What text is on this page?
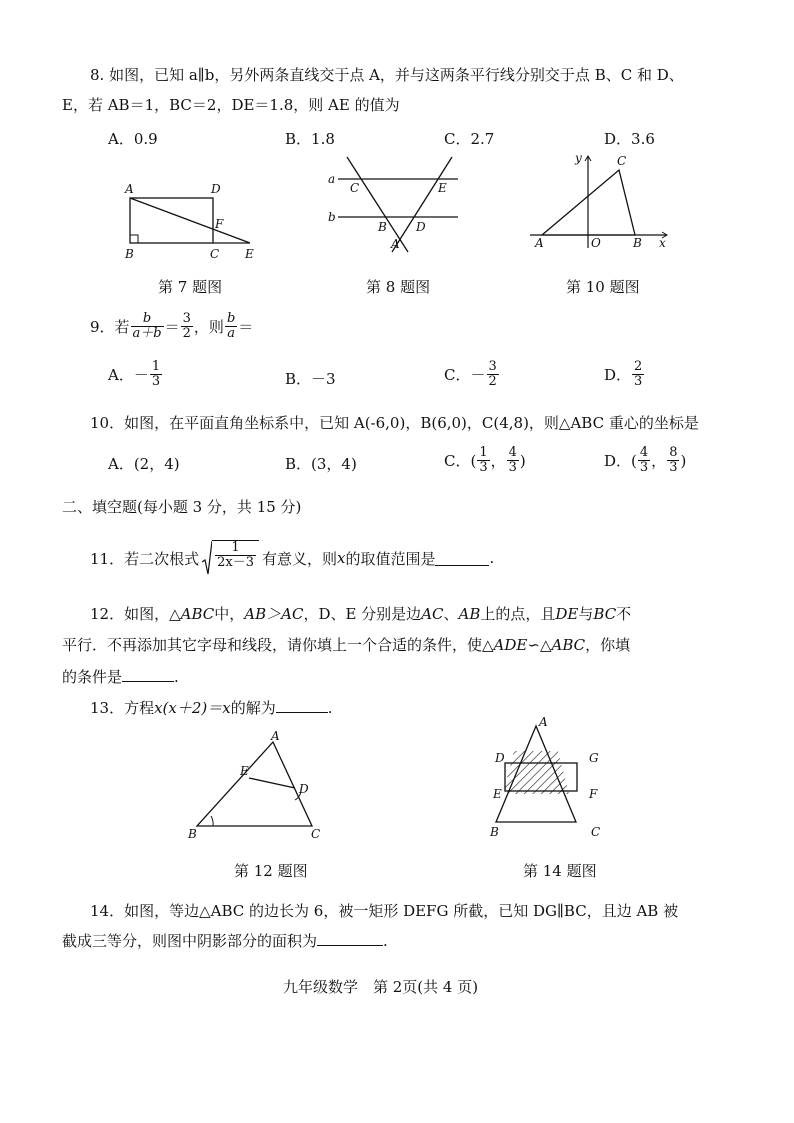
8. 如图，已知 a∥b，另外两条直线交于点 A，并与这两条平行线分别交于点 B、C 和 D、
E，若 AB＝1，BC＝2，DE＝1.8，则 AE 的值为
A．0.9	B．1.8	C．2.7	D．3.6
A	D
F
B	C E
第 7 题图
a
b
C	E
B D
A
第 8 题图
y	C
A	O	B x
第 10 题图
9．若 $\frac{b}{a+b} = \frac{3}{2}$ ，则 $\frac{b}{a}$ ＝
A． － $\frac{1}{3}$	B．－3	C． － $\frac{3}{2}$	D． $\frac{2}{3}$
10．如图，在平面直角坐标系中，已知 A(-6,0)，B(6,0)，C(4,8)，则△ABC 重心的坐标是
A．(2，4)	B．(3，4)	C．( $\frac{1}{3}$ ， $\frac{4}{3}$ )	D．( $\frac{4}{3}$ ， $\frac{8}{3}$ )
二、填空题(每小题 3 分，共 15 分)
11．若二次根式 $\frac{1}{2x-3}$ 有意义，则 x 的取值范围是	.
12．如图，△ABC中，AB＞AC，D、E 分别是边AC、AB上的点，且DE与BC不
平行．不再添加其它字母和线段，请你填上一个合适的条件，使△ADE∽△ABC，你填
的条件是	.
13．方程x(x＋2)＝x的解为	.
A
E
D
B	C
第 12 题图
A
D	G
E	F
B	C
第 14 题图
14．如图，等边△ABC 的边长为 6，被一矩形 DEFG 所截，已知 DG∥BC，且边 AB 被
截成三等分，则图中阴影部分的面积为	.
九年级数学　第 2页(共 4 页)
